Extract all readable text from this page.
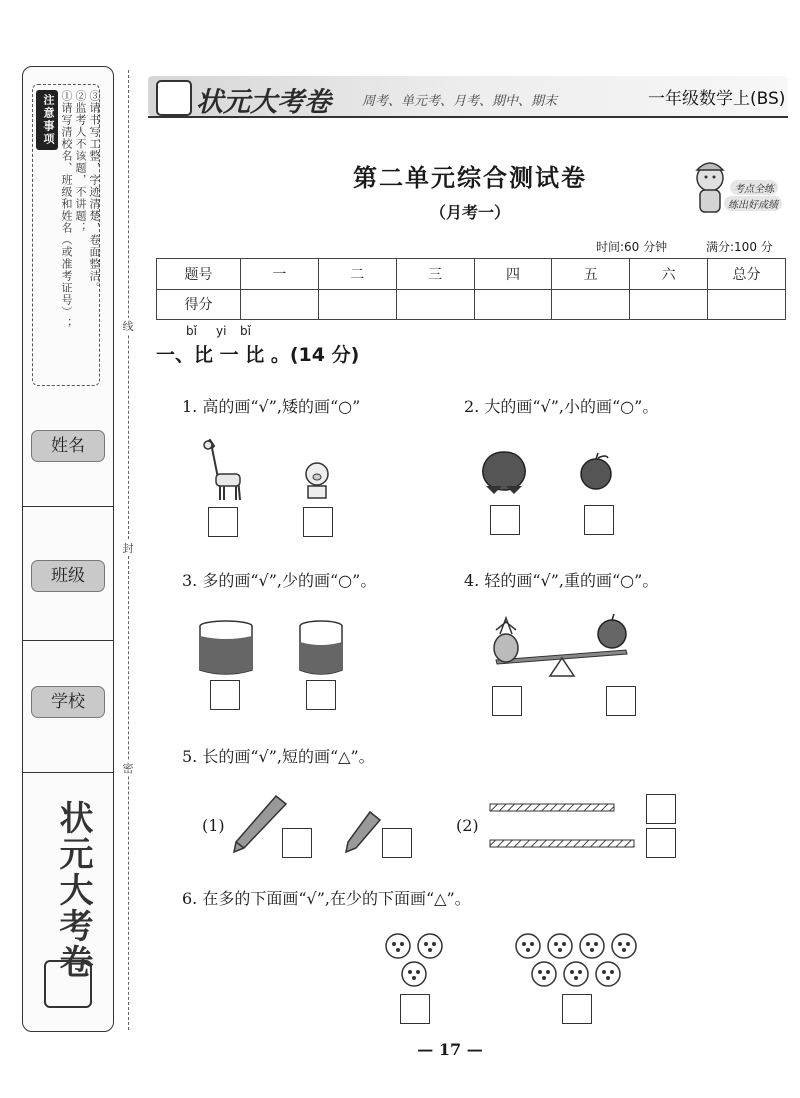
注意事项 ①请写清校名、班级和姓名（或准考证号）； ②监考人不该题，不讲题； ③请书写工整，字迹清楚，卷面整洁。
姓名
班级
学校
状元大考卷
线
封
密
状元大考卷 周考、单元考、月考、期中、期末	一年级数学上(BS)
第二单元综合测试卷
（月考一）
考点全练
练出好成绩
时间:60 分钟	满分:100 分
题号	一	二	三	四	五	六	总分
得分							
bǐ yi bǐ
一、比 一 比 。(14 分)
1. 高的画“√”,矮的画“○”	2. 大的画“√”,小的画“○”。
3. 多的画“√”,少的画“○”。	4. 轻的画“√”,重的画“○”。
5. 长的画“√”,短的画“△”。
(1)	(2)
6. 在多的下面画“√”,在少的下面画“△”。
— 17 —
